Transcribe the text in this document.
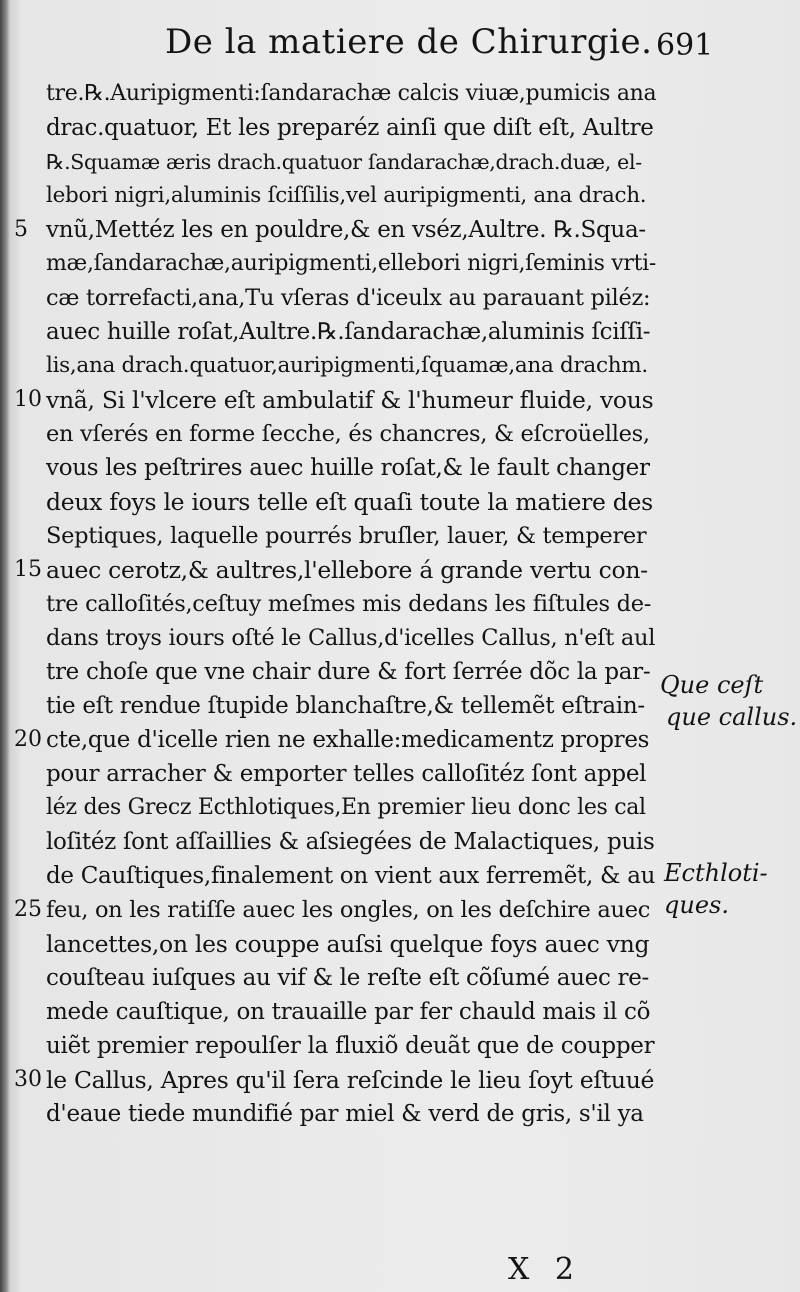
De la matiere de Chirurgie. 691
tre.℞.Auripigmenti:ſandarachæ calcis viuæ,pumicis ana
drac.quatuor, Et les preparéz ainſi que diſt eſt, Aultre
℞.Squamæ æris drach.quatuor ſandarachæ,drach.duæ, el-
lebori nigri,aluminis ſciſſilis,vel auripigmenti, ana drach.
vnũ,Mettéz les en pouldre,& en vséz,Aultre. ℞.Squa-
mæ,ſandarachæ,auripigmenti,ellebori nigri,ſeminis vrti-
cæ torrefacti,ana,Tu vſeras d'iceulx au parauant piléz:
auec huille roſat,Aultre.℞.ſandarachæ,aluminis ſciſſi-
lis,ana drach.quatuor,auripigmenti,ſquamæ,ana drachm.
vnã, Si l'vlcere eſt ambulatif & l'humeur fluide, vous
en vſerés en forme ſecche, és chancres, & eſcroüelles,
vous les peſtrires auec huille roſat,& le fault changer
deux foys le iours telle eſt quaſi toute la matiere des
Septiques, laquelle pourrés bruſler, lauer, & temperer
auec cerotz,& aultres,l'ellebore á grande vertu con-
tre calloſités,ceſtuy meſmes mis dedans les fiſtules de-
dans troys iours oſté le Callus,d'icelles Callus, n'eſt aul
tre choſe que vne chair dure & fort ſerrée dõc la par-
tie eſt rendue ſtupide blanchaſtre,& tellemẽt eſtrain-
cte,que d'icelle rien ne exhalle:medicamentz propres
pour arracher & emporter telles calloſitéz ſont appel
léz des Grecz Ecthlotiques,En premier lieu donc les cal
loſitéz ſont aſſaillies & aſsiegées de Malactiques, puis
de Cauſtiques,finalement on vient aux ferremẽt, & au
feu, on les ratiſſe auec les ongles, on les deſchire auec
lancettes,on les couppe auſsi quelque foys auec vng
couſteau iuſques au vif & le reſte eſt cõſumé auec re-
mede cauſtique, on trauaille par fer chauld mais il cõ
uiẽt premier repoulſer la fluxiõ deuãt que de coupper
le Callus, Apres qu'il ſera reſcinde le lieu ſoyt eſtuué
d'eaue tiede mundifié par miel & verd de gris, s'il ya
5
10
15
20
25
30
Que ceſt
que callus.
Ecthloti-
ques.
X 2
